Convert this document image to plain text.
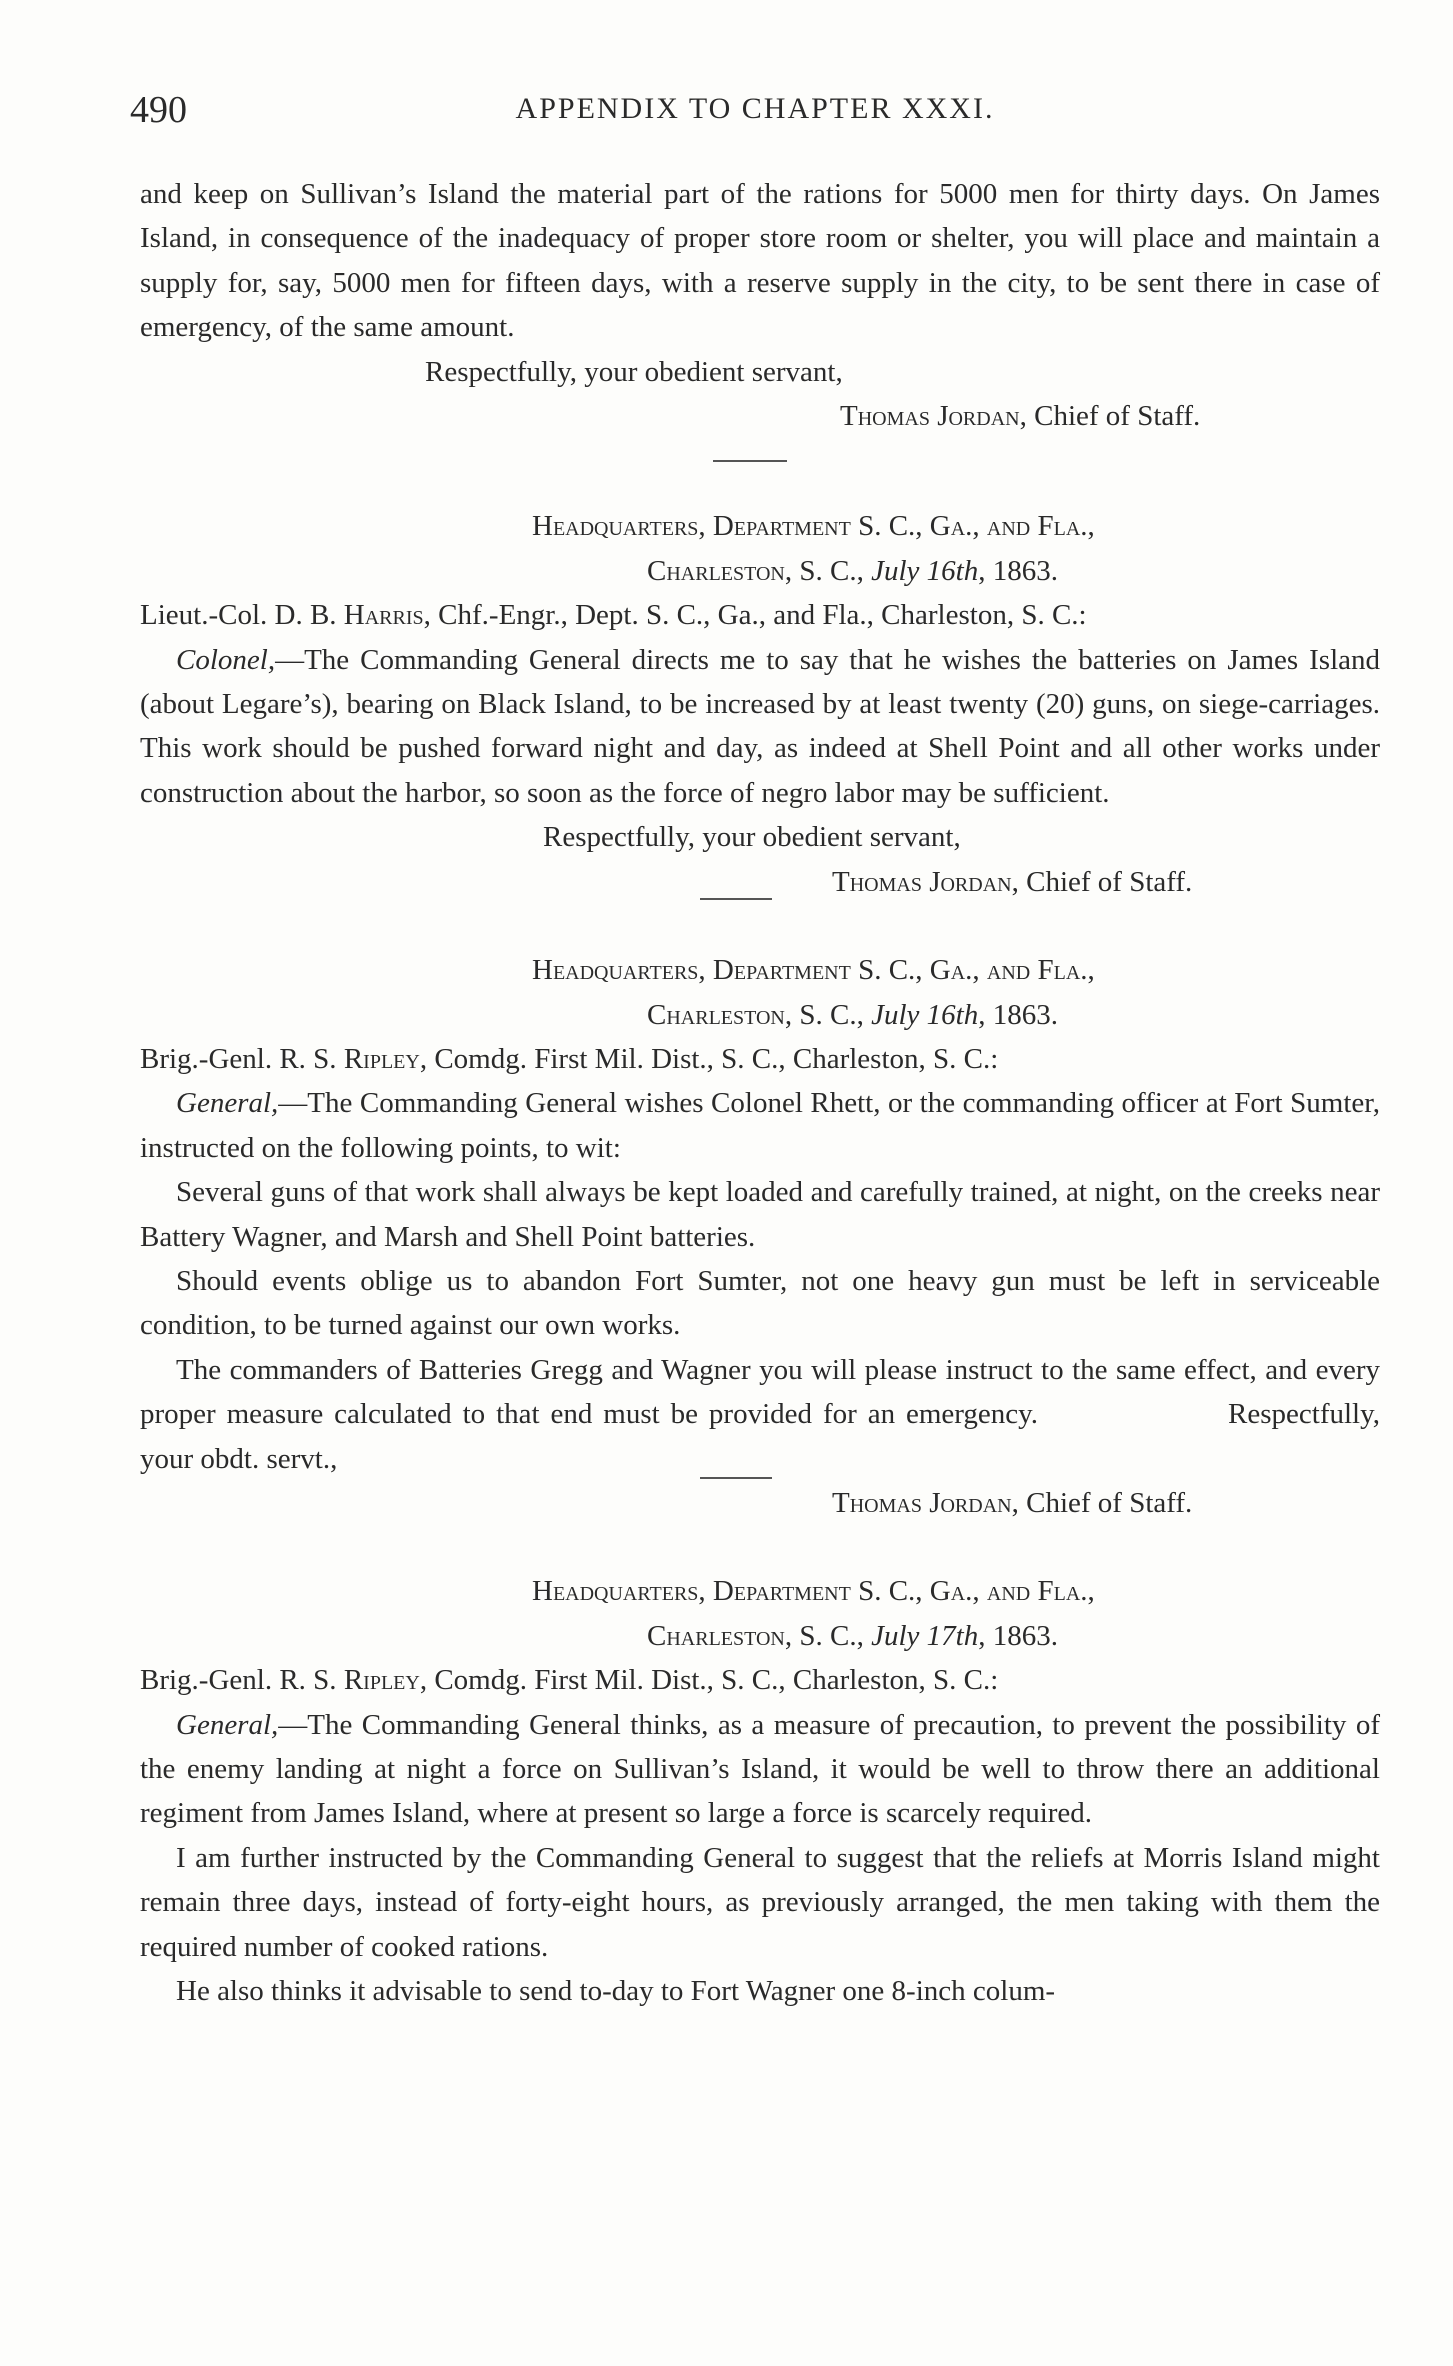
490	APPENDIX TO CHAPTER XXXI.

and keep on Sullivan’s Island the material part of the rations for 5000 men for thirty days. On James Island, in consequence of the inadequacy of proper store room or shelter, you will place and maintain a supply for, say, 5000 men for fifteen days, with a reserve supply in the city, to be sent there in case of emergency, of the same amount.

Respectfully, your obedient servant,

Thomas Jordan, Chief of Staff.

Headquarters, Department S. C., Ga., and Fla.,

Charleston, S. C., July 16th, 1863.

Lieut.-Col. D. B. Harris, Chf.-Engr., Dept. S. C., Ga., and Fla., Charleston, S. C.:

Colonel,—The Commanding General directs me to say that he wishes the batteries on James Island (about Legare’s), bearing on Black Island, to be increased by at least twenty (20) guns, on siege-carriages. This work should be pushed forward night and day, as indeed at Shell Point and all other works under construction about the harbor, so soon as the force of negro labor may be sufficient.

Respectfully, your obedient servant,

Thomas Jordan, Chief of Staff.

Headquarters, Department S. C., Ga., and Fla.,

Charleston, S. C., July 16th, 1863.

Brig.-Genl. R. S. Ripley, Comdg. First Mil. Dist., S. C., Charleston, S. C.:

General,—The Commanding General wishes Colonel Rhett, or the commanding officer at Fort Sumter, instructed on the following points, to wit:

Several guns of that work shall always be kept loaded and carefully trained, at night, on the creeks near Battery Wagner, and Marsh and Shell Point batteries.

Should events oblige us to abandon Fort Sumter, not one heavy gun must be left in serviceable condition, to be turned against our own works.

The commanders of Batteries Gregg and Wagner you will please instruct to the same effect, and every proper measure calculated to that end must be provided for an emergency.	Respectfully, your obdt. servt.,

Thomas Jordan, Chief of Staff.

Headquarters, Department S. C., Ga., and Fla.,

Charleston, S. C., July 17th, 1863.

Brig.-Genl. R. S. Ripley, Comdg. First Mil. Dist., S. C., Charleston, S. C.:

General,—The Commanding General thinks, as a measure of precaution, to prevent the possibility of the enemy landing at night a force on Sullivan’s Island, it would be well to throw there an additional regiment from James Island, where at present so large a force is scarcely required.

I am further instructed by the Commanding General to suggest that the reliefs at Morris Island might remain three days, instead of forty-eight hours, as previously arranged, the men taking with them the required number of cooked rations.

He also thinks it advisable to send to-day to Fort Wagner one 8-inch colum-
